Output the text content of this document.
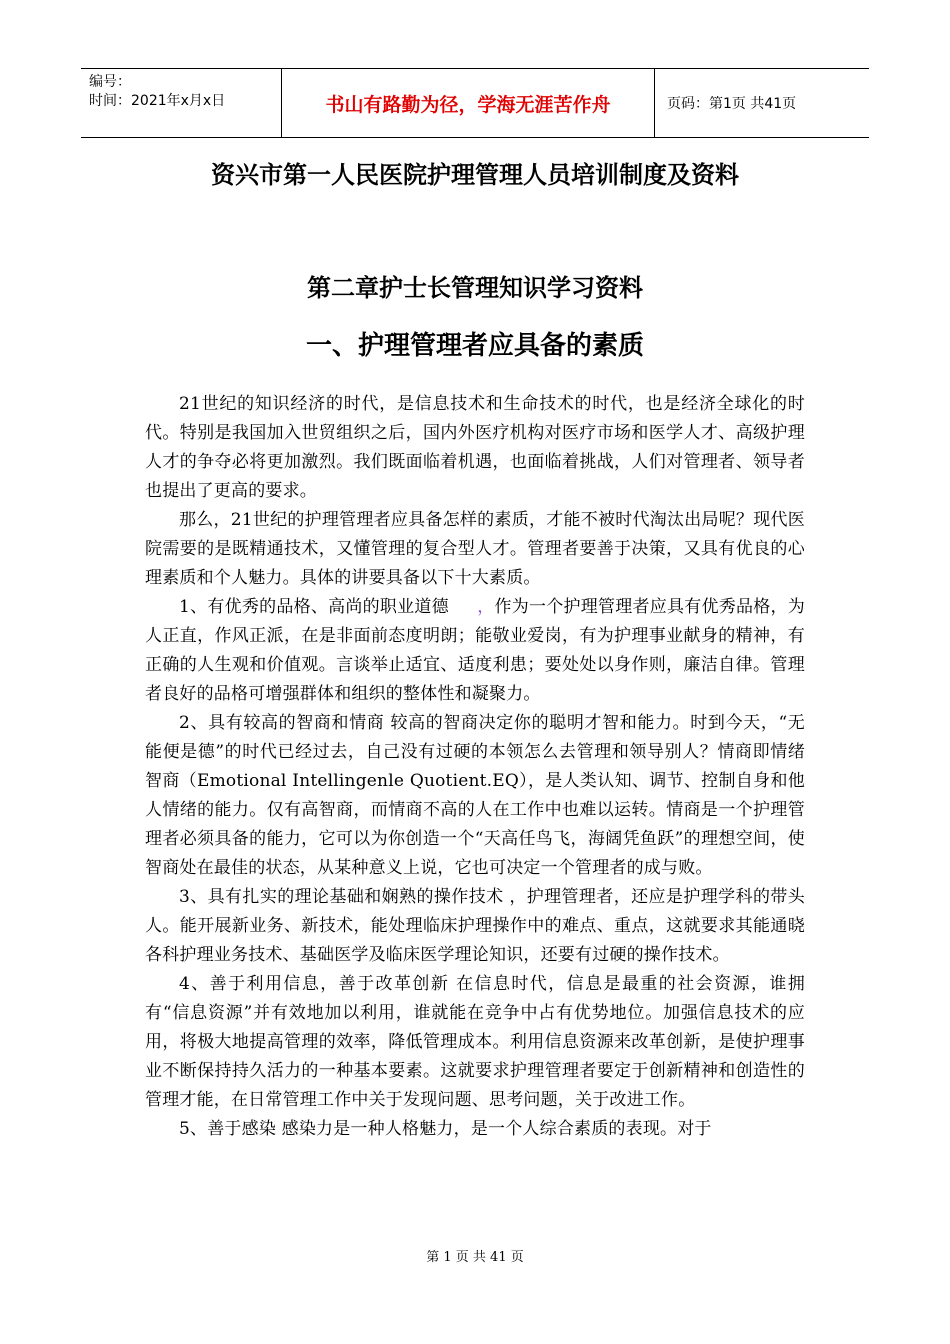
编号：
时间：2021年x月x日	书山有路勤为径，学海无涯苦作舟	页码：第1页 共41页
资兴市第一人民医院护理管理人员培训制度及资料
第二章护士长管理知识学习资料
一、护理管理者应具备的素质

21世纪的知识经济的时代，是信息技术和生命技术的时代，也是经济全球化的时代。特别是我国加入世贸组织之后，国内外医疗机构对医疗市场和医学人才、高级护理人才的争夺必将更加激烈。我们既面临着机遇，也面临着挑战，人们对管理者、领导者也提出了更高的要求。

那么，21世纪的护理管理者应具备怎样的素质，才能不被时代淘汰出局呢？现代医院需要的是既精通技术，又懂管理的复合型人才。管理者要善于决策，又具有优良的心理素质和个人魅力。具体的讲要具备以下十大素质。

1、有优秀的品格、高尚的职业道德 ，作为一个护理管理者应具有优秀品格，为人正直，作风正派，在是非面前态度明朗；能敬业爱岗，有为护理事业献身的精神，有正确的人生观和价值观。言谈举止适宜、适度利患；要处处以身作则，廉洁自律。管理者良好的品格可增强群体和组织的整体性和凝聚力。

2、具有较高的智商和情商 较高的智商决定你的聪明才智和能力。时到今天，“无能便是德”的时代已经过去，自己没有过硬的本领怎么去管理和领导别人？情商即情绪智商（Emotional Intellingenle Quotient.EQ），是人类认知、调节、控制自身和他人情绪的能力。仅有高智商，而情商不高的人在工作中也难以运转。情商是一个护理管理者必须具备的能力，它可以为你创造一个“天高任鸟飞，海阔凭鱼跃”的理想空间，使智商处在最佳的状态，从某种意义上说，它也可决定一个管理者的成与败。

3、具有扎实的理论基础和娴熟的操作技术 ，护理管理者，还应是护理学科的带头人。能开展新业务、新技术，能处理临床护理操作中的难点、重点，这就要求其能通晓各科护理业务技术、基础医学及临床医学理论知识，还要有过硬的操作技术。

4、善于利用信息，善于改革创新 在信息时代，信息是最重的社会资源，谁拥有“信息资源”并有效地加以利用，谁就能在竞争中占有优势地位。加强信息技术的应用，将极大地提高管理的效率，降低管理成本。利用信息资源来改革创新，是使护理事业不断保持持久活力的一种基本要素。这就要求护理管理者要定于创新精神和创造性的管理才能，在日常管理工作中关于发现问题、思考问题，关于改进工作。

5、善于感染 感染力是一种人格魅力，是一个人综合素质的表现。对于

第 1 页 共 41 页
